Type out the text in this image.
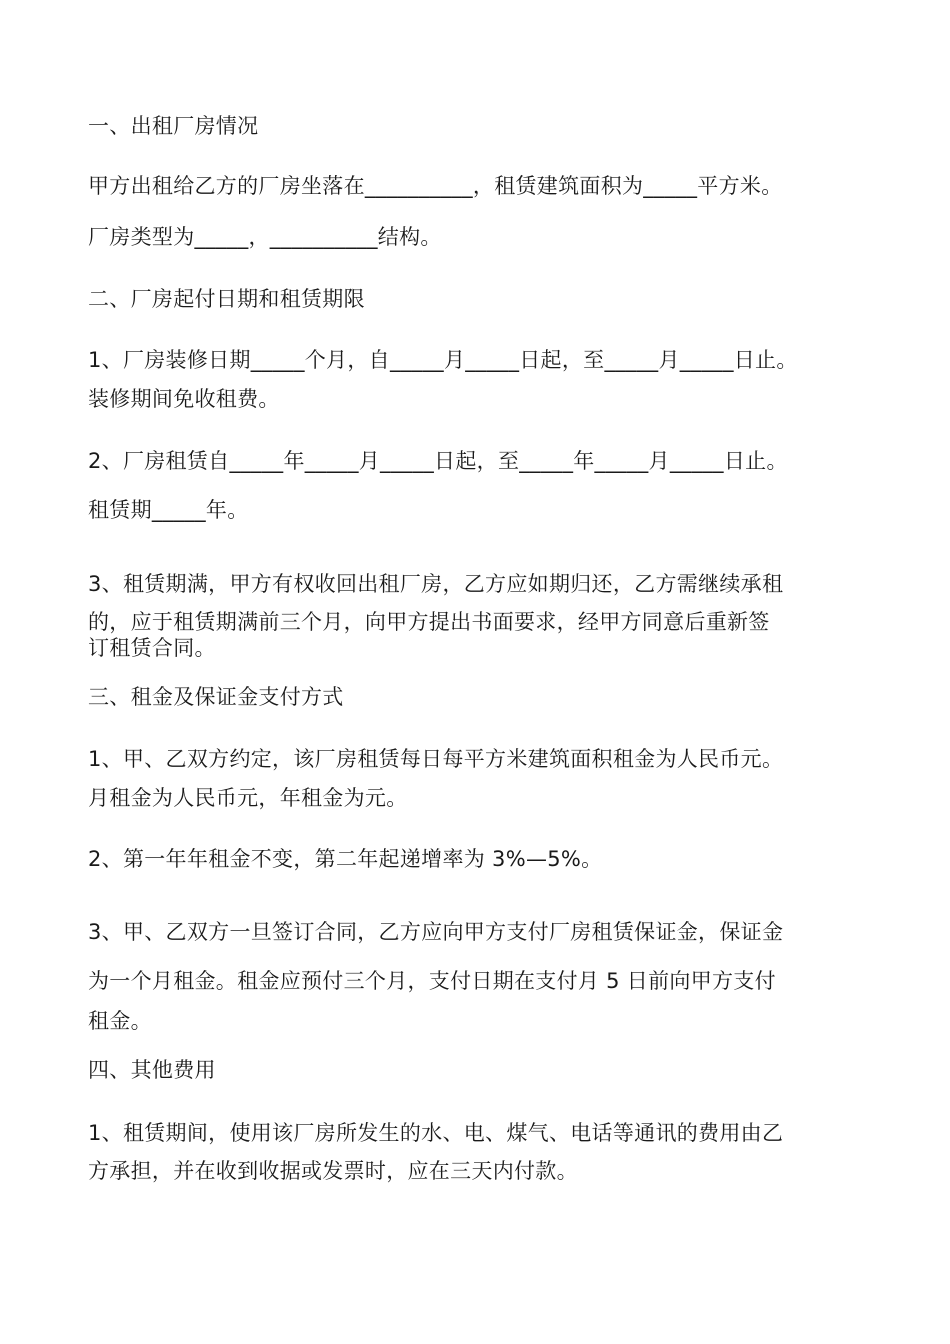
一、出租厂房情况
甲方出租给乙方的厂房坐落在__________，租赁建筑面积为_____平方米。
厂房类型为_____，__________结构。
二、厂房起付日期和租赁期限
1、厂房装修日期_____个月，自_____月_____日起，至_____月_____日止。
装修期间免收租费。
2、厂房租赁自_____年_____月_____日起，至_____年_____月_____日止。
租赁期_____年。
3、租赁期满，甲方有权收回出租厂房，乙方应如期归还，乙方需继续承租
的，应于租赁期满前三个月，向甲方提出书面要求，经甲方同意后重新签
订租赁合同。
三、租金及保证金支付方式
1、甲、乙双方约定，该厂房租赁每日每平方米建筑面积租金为人民币元。
月租金为人民币元，年租金为元。
2、第一年年租金不变，第二年起递增率为 3%—5%。
3、甲、乙双方一旦签订合同，乙方应向甲方支付厂房租赁保证金，保证金
为一个月租金。租金应预付三个月，支付日期在支付月 5 日前向甲方支付
租金。
四、其他费用
1、租赁期间，使用该厂房所发生的水、电、煤气、电话等通讯的费用由乙
方承担，并在收到收据或发票时，应在三天内付款。
